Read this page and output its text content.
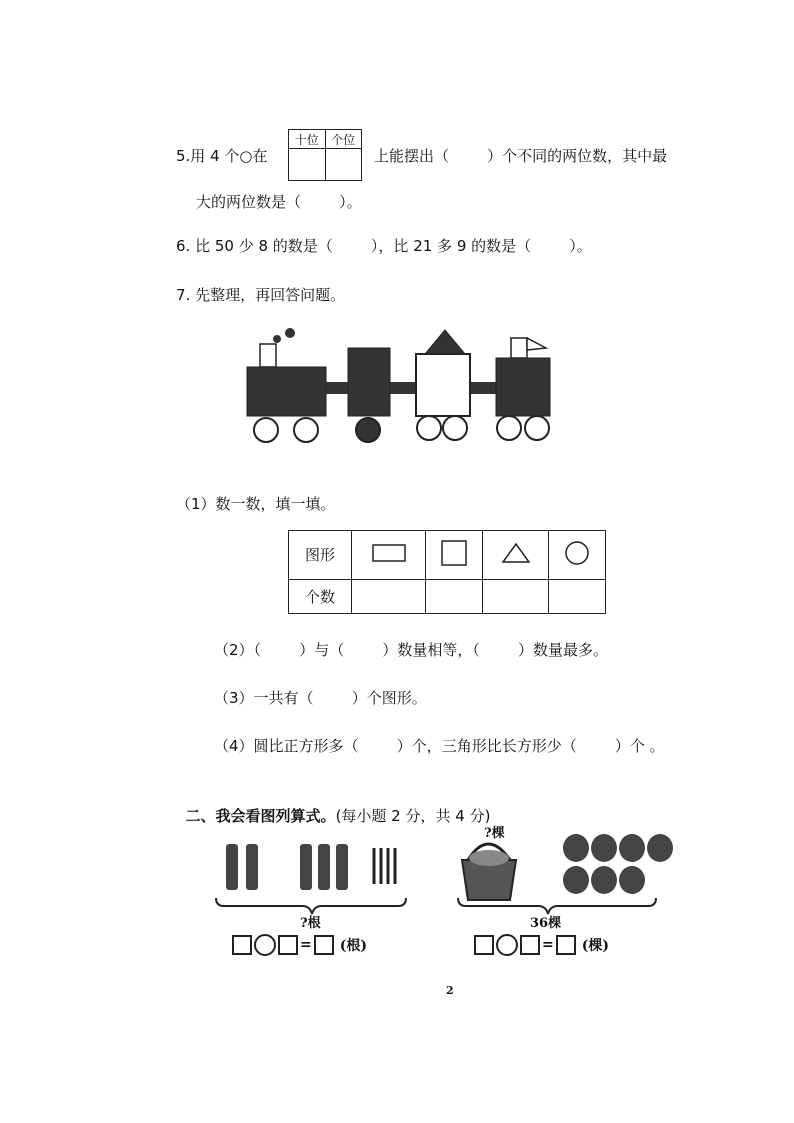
5.用 4 个○在
十位	个位

上能摆出（        ）个不同的两位数，其中最
大的两位数是（        ）。
6. 比 50 少 8 的数是（        ），比 21 多 9 的数是（        ）。
7. 先整理，再回答问题。
（1）数一数，填一填。
图形				
个数				
（2）（        ）与（        ）数量相等，（        ）数量最多。
（3）一共有（        ）个图形。
（4）圆比正方形多（        ）个，三角形比长方形少（        ）个 。

二、我会看图列算式。(每小题 2 分，共 4 分)

?根
= (根)
?棵
36棵
= (棵)
2
